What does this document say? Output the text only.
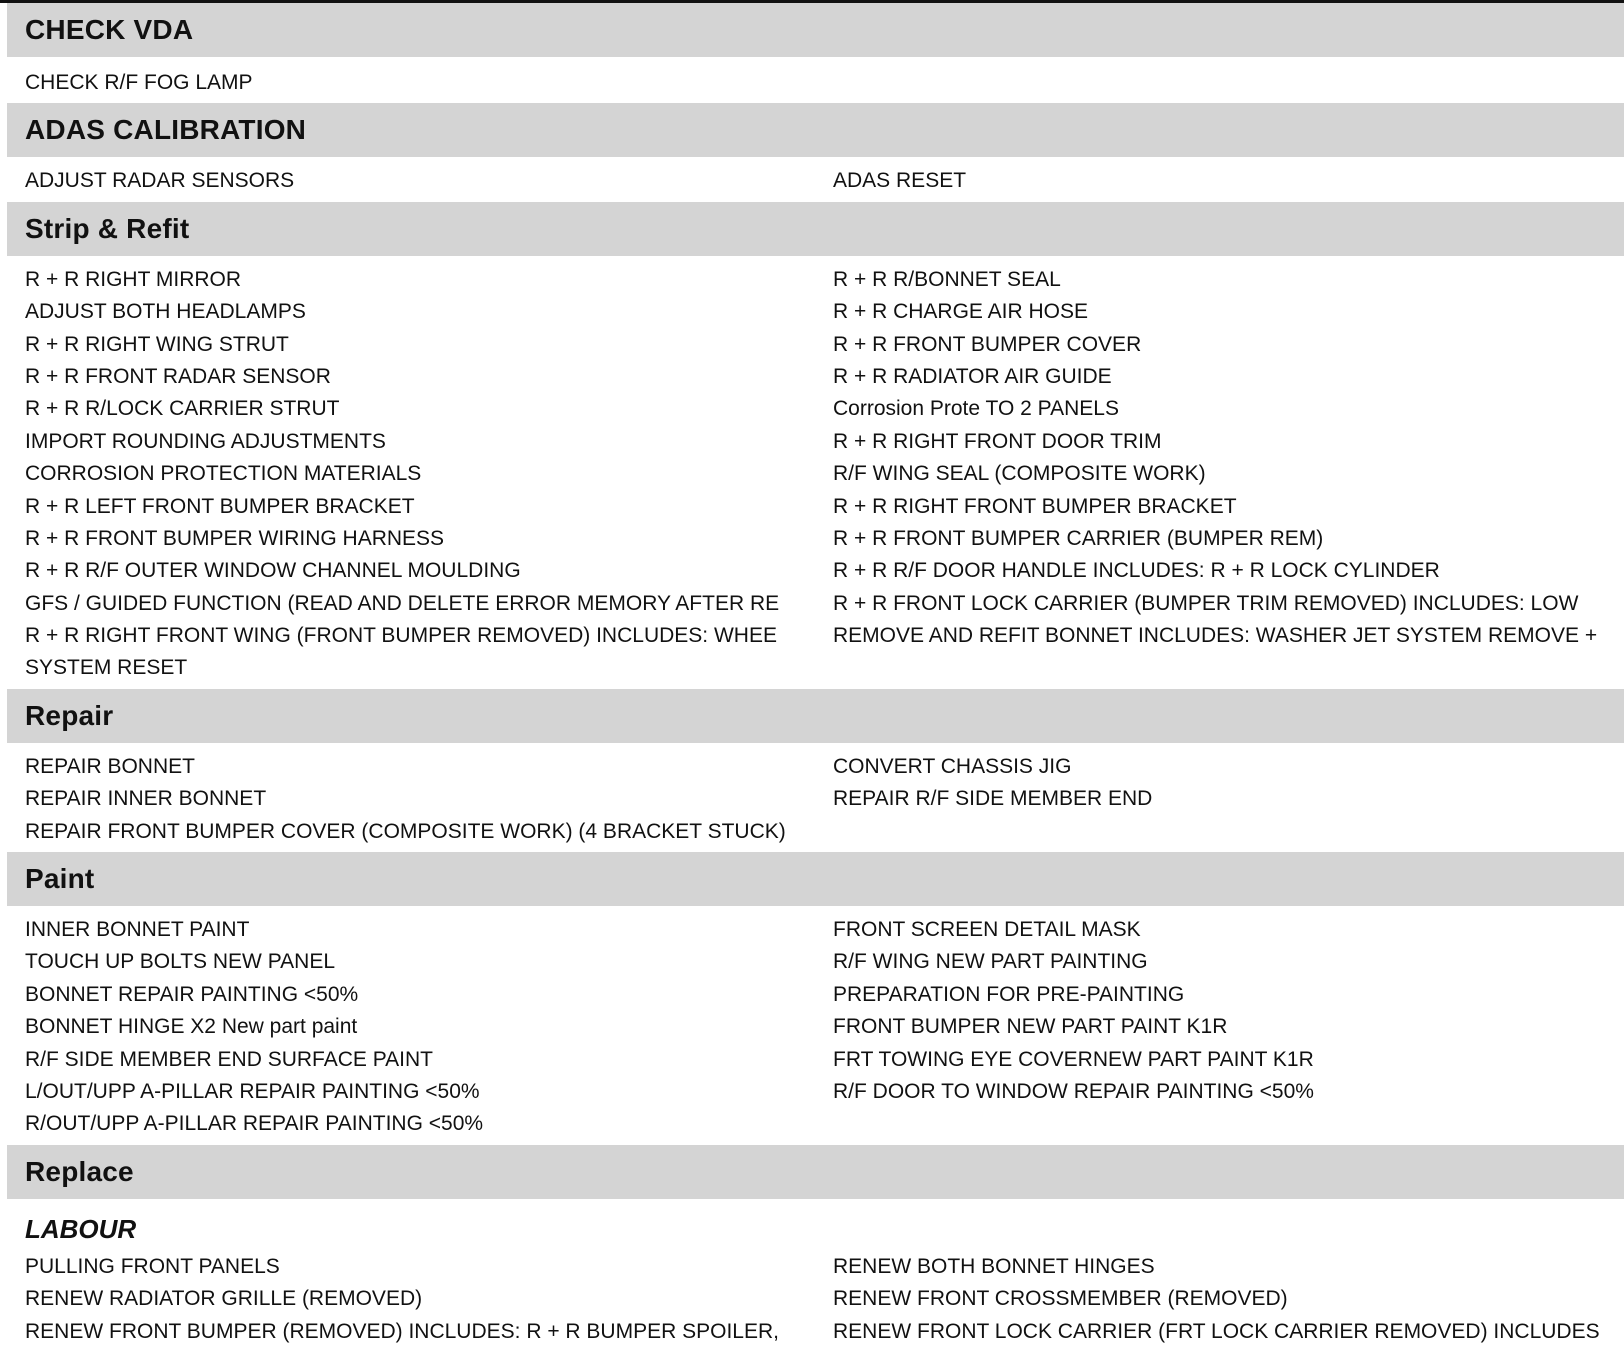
CHECK VDA
CHECK R/F FOG LAMP
ADAS CALIBRATION
ADJUST RADAR SENSORS	ADAS RESET
Strip & Refit
R + R RIGHT MIRROR
ADJUST BOTH HEADLAMPS
R + R RIGHT WING STRUT
R + R FRONT RADAR SENSOR
R + R R/LOCK CARRIER STRUT
IMPORT ROUNDING ADJUSTMENTS
CORROSION PROTECTION MATERIALS
R + R LEFT FRONT BUMPER BRACKET
R + R FRONT BUMPER WIRING HARNESS
R + R R/F OUTER WINDOW CHANNEL MOULDING
GFS / GUIDED FUNCTION (READ AND DELETE ERROR MEMORY AFTER RE
R + R RIGHT FRONT WING (FRONT BUMPER REMOVED) INCLUDES: WHEE
SYSTEM RESET
R + R R/BONNET SEAL
R + R CHARGE AIR HOSE
R + R FRONT BUMPER COVER
R + R RADIATOR AIR GUIDE
Corrosion Prote TO 2 PANELS
R + R RIGHT FRONT DOOR TRIM
R/F WING SEAL (COMPOSITE WORK)
R + R RIGHT FRONT BUMPER BRACKET
R + R FRONT BUMPER CARRIER (BUMPER REM)
R + R R/F DOOR HANDLE INCLUDES: R + R LOCK CYLINDER
R + R FRONT LOCK CARRIER (BUMPER TRIM REMOVED) INCLUDES: LOW
REMOVE AND REFIT BONNET INCLUDES: WASHER JET SYSTEM REMOVE +
Repair
REPAIR BONNET
REPAIR INNER BONNET
REPAIR FRONT BUMPER COVER (COMPOSITE WORK) (4 BRACKET STUCK)
CONVERT CHASSIS JIG
REPAIR R/F SIDE MEMBER END
Paint
INNER BONNET PAINT
TOUCH UP BOLTS NEW PANEL
BONNET REPAIR PAINTING <50%
BONNET HINGE X2 New part paint
R/F SIDE MEMBER END SURFACE PAINT
L/OUT/UPP A-PILLAR REPAIR PAINTING <50%
R/OUT/UPP A-PILLAR REPAIR PAINTING <50%
FRONT SCREEN DETAIL MASK
R/F WING NEW PART PAINTING
PREPARATION FOR PRE-PAINTING
FRONT BUMPER NEW PART PAINT K1R
FRT TOWING EYE COVERNEW PART PAINT K1R
R/F DOOR TO WINDOW REPAIR PAINTING <50%
Replace
LABOUR
PULLING FRONT PANELS
RENEW RADIATOR GRILLE (REMOVED)
RENEW FRONT BUMPER (REMOVED) INCLUDES: R + R BUMPER SPOILER,
RENEW BOTH BONNET HINGES
RENEW FRONT CROSSMEMBER (REMOVED)
RENEW FRONT LOCK CARRIER (FRT LOCK CARRIER REMOVED) INCLUDES
